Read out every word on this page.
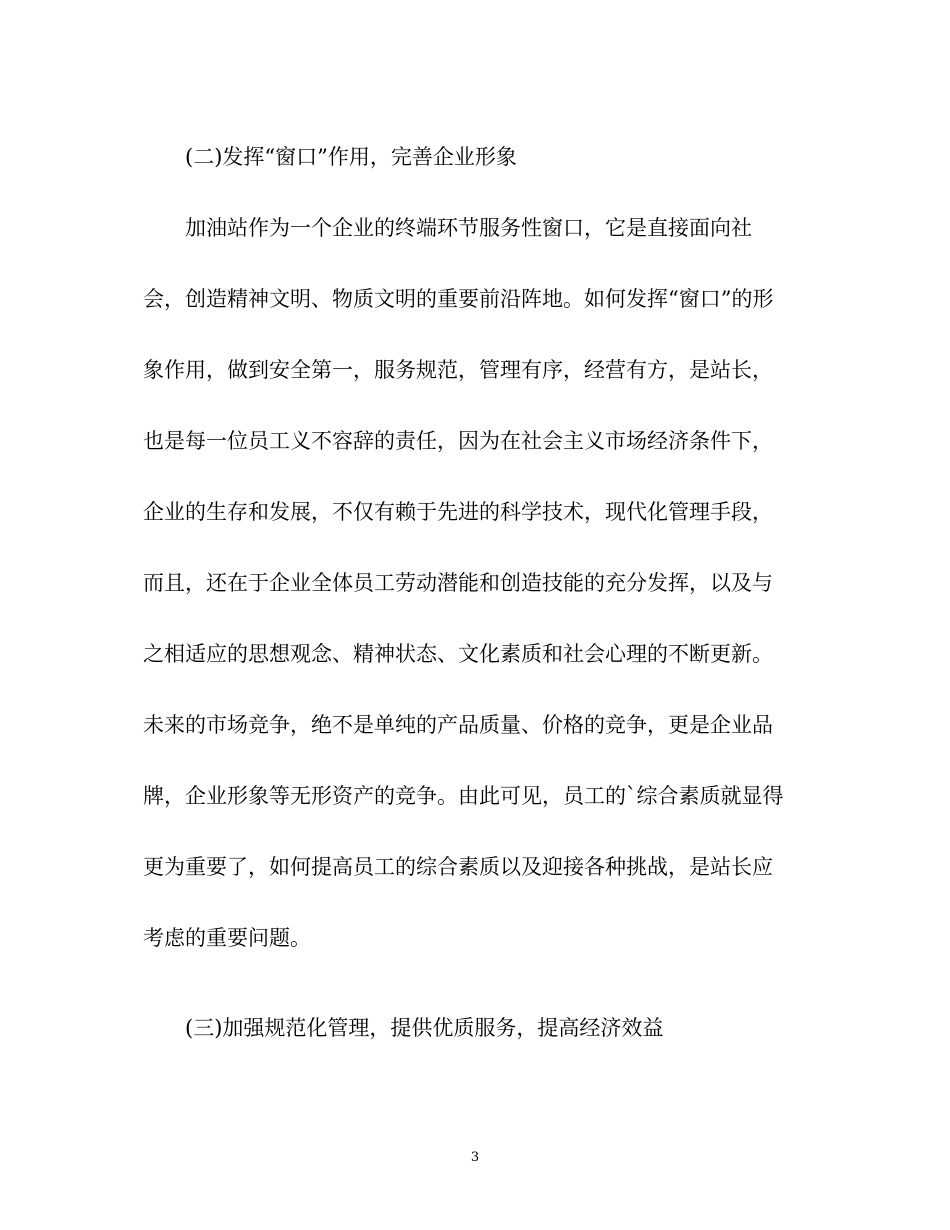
(二)发挥“窗口”作用，完善企业形象
加油站作为一个企业的终端环节服务性窗口，它是直接面向社
会，创造精神文明、物质文明的重要前沿阵地。如何发挥“窗口”的形
象作用，做到安全第一，服务规范，管理有序，经营有方，是站长，
也是每一位员工义不容辞的责任，因为在社会主义市场经济条件下，
企业的生存和发展，不仅有赖于先进的科学技术，现代化管理手段，
而且，还在于企业全体员工劳动潜能和创造技能的充分发挥，以及与
之相适应的思想观念、精神状态、文化素质和社会心理的不断更新。
未来的市场竞争，绝不是单纯的产品质量、价格的竞争，更是企业品
牌，企业形象等无形资产的竞争。由此可见，员工的`综合素质就显得
更为重要了，如何提高员工的综合素质以及迎接各种挑战，是站长应
考虑的重要问题。
(三)加强规范化管理，提供优质服务，提高经济效益
3
